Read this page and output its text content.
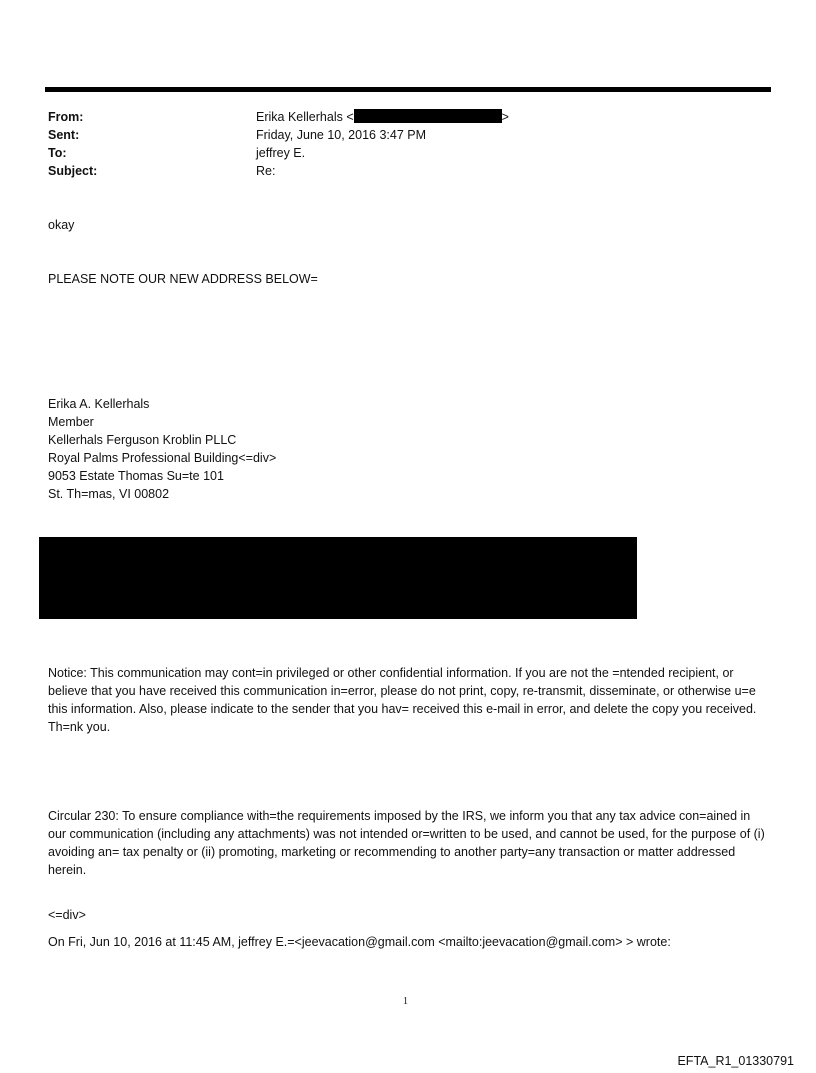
From:	Erika Kellerhals <	>
Sent:	Friday, June 10, 2016 3:47 PM
To:	jeffrey E.
Subject:	Re:
okay
PLEASE NOTE OUR NEW ADDRESS BELOW=
Erika A. Kellerhals
Member
Kellerhals Ferguson Kroblin PLLC
Royal Palms Professional Building<=div>
9053 Estate Thomas Su=te 101
St. Th=mas, VI 00802
Notice: This communication may cont=in privileged or other confidential information. If you are not the =ntended recipient, or believe that you have received this communication in=error, please do not print, copy, re-transmit, disseminate, or otherwise u=e this information. Also, please indicate to the sender that you hav= received this e-mail in error, and delete the copy you received. Th=nk you.
Circular 230: To ensure compliance with=the requirements imposed by the IRS, we inform you that any tax advice con=ained in our communication (including any attachments) was not intended or=written to be used, and cannot be used, for the purpose of (i) avoiding an= tax penalty or (ii) promoting, marketing or recommending to another party=any transaction or matter addressed herein.
<=div>
On Fri, Jun 10, 2016 at 11:45 AM, jeffrey E.=<jeevacation@gmail.com <mailto:jeevacation@gmail.com> > wrote:
1
EFTA_R1_01330791
